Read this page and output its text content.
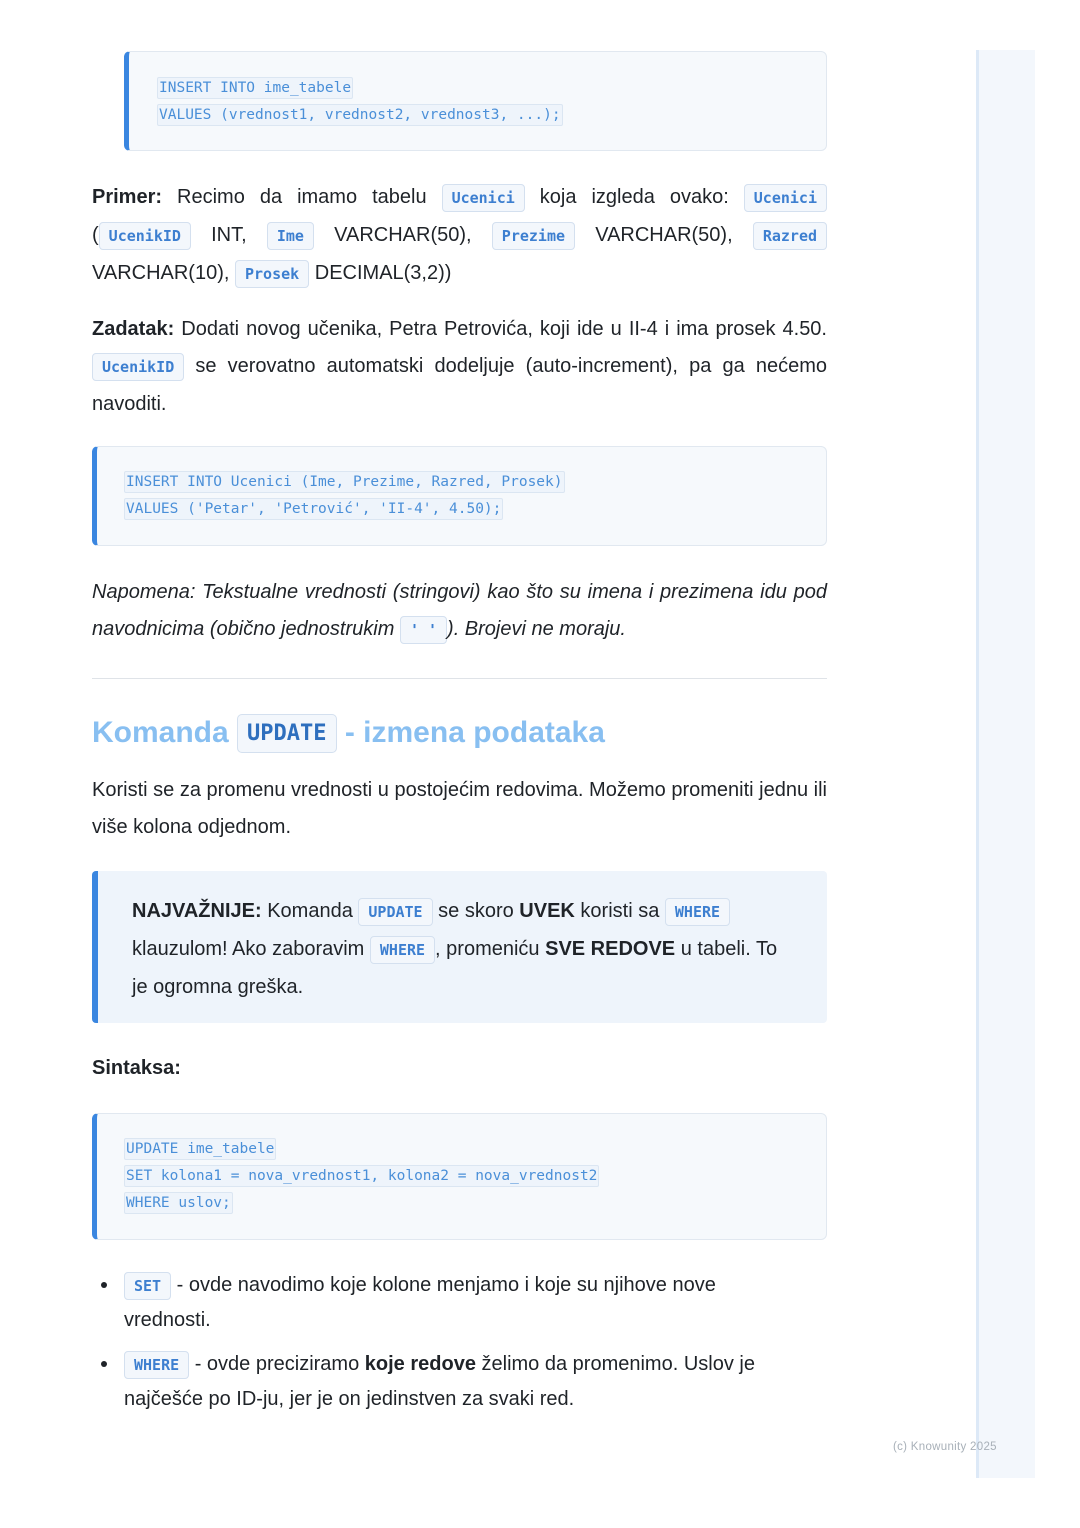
INSERT INTO ime_tabele
VALUES (vrednost1, vrednost2, vrednost3, ...);

Primer: Recimo da imamo tabelu Ucenici koja izgleda ovako: Ucenici ( UcenikID INT, Ime VARCHAR(50), Prezime VARCHAR(50), Razred VARCHAR(10), Prosek DECIMAL(3,2))

Zadatak: Dodati novog učenika, Petra Petrovića, koji ide u II-4 i ima prosek 4.50. UcenikID se verovatno automatski dodeljuje (auto-increment), pa ga nećemo navoditi.

INSERT INTO Ucenici (Ime, Prezime, Razred, Prosek)
VALUES ('Petar', 'Petrović', 'II-4', 4.50);

Napomena: Tekstualne vrednosti (stringovi) kao što su imena i prezimena idu pod navodnicima (obično jednostrukim ' ' ). Brojevi ne moraju.

Komanda UPDATE - izmena podataka

Koristi se za promenu vrednosti u postojećim redovima. Možemo promeniti jednu ili više kolona odjednom.

NAJVAŽNIJE: Komanda UPDATE se skoro UVEK koristi sa WHERE klauzulom! Ako zaboravim WHERE , promeniću SVE REDOVE u tabeli. To je ogromna greška.

Sintaksa:

UPDATE ime_tabele
SET kolona1 = nova_vrednost1, kolona2 = nova_vrednost2
WHERE uslov;
SET - ovde navodimo koje kolone menjamo i koje su njihove nove vrednosti.
WHERE - ovde preciziramo koje redove želimo da promenimo. Uslov je najčešće po ID-ju, jer je on jedinstven za svaki red.
(c) Knowunity 2025
